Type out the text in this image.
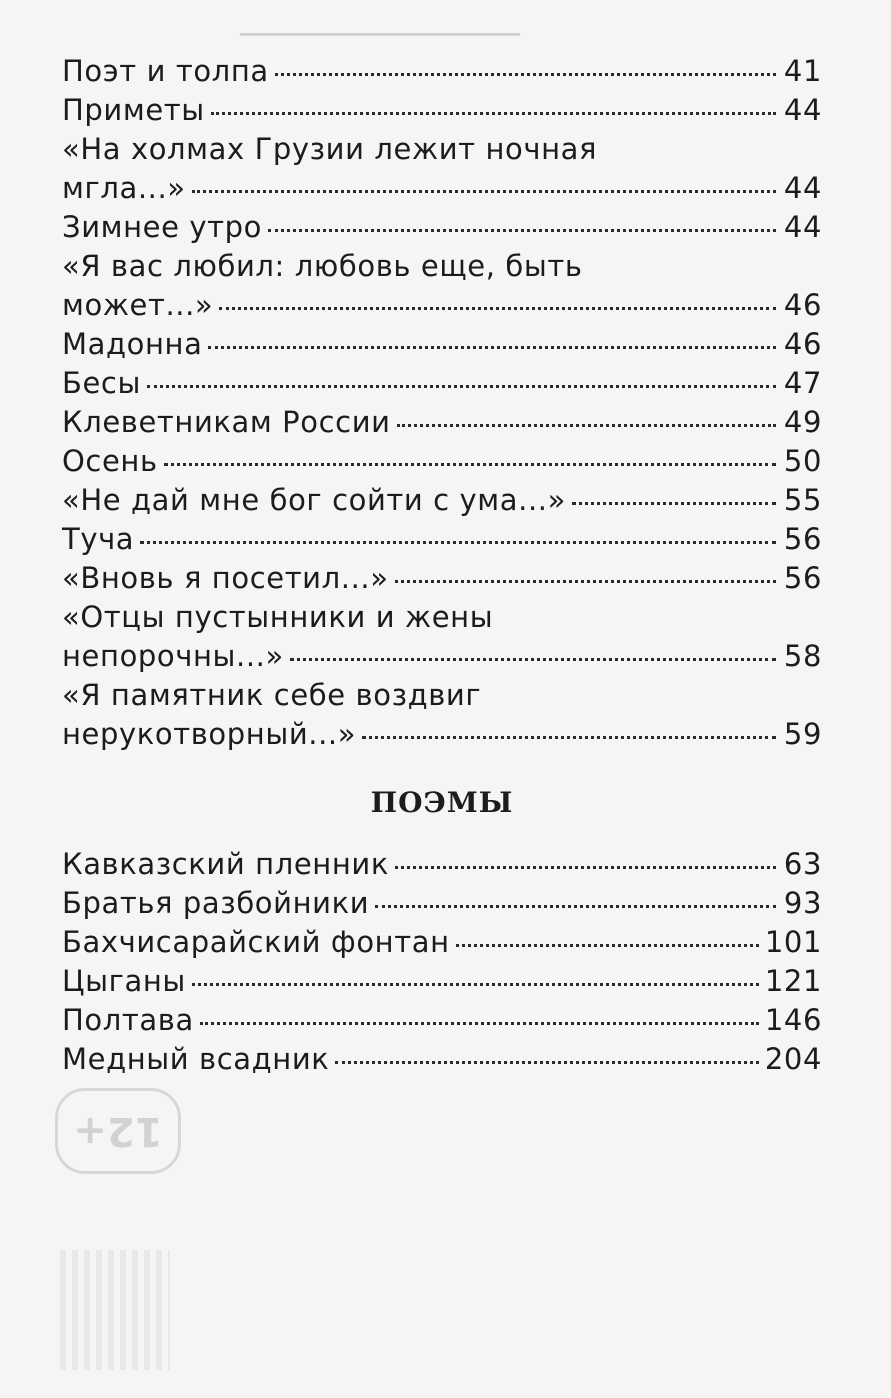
▁▁▁▁▁▁▁▁▁▁▁▁▁▁▁▁▁▁▁▁▁▁▁▁▁▁
12+
Поэт и толпа	41
Приметы	44
«На холмах Грузии лежит ночная
мгла...»	44
Зимнее утро	44
«Я вас любил: любовь еще, быть
может...»	46
Мадонна	46
Бесы	47
Клеветникам России	49
Осень	50
«Не дай мне бог сойти с ума...»	55
Туча	56
«Вновь я посетил...»	56
«Отцы пустынники и жены
непорочны...»	58
«Я памятник себе воздвиг
нерукотворный...»	59
ПОЭМЫ
Кавказский пленник	63
Братья разбойники	93
Бахчисарайский фонтан	101
Цыганы	121
Полтава	146
Медный всадник	204
